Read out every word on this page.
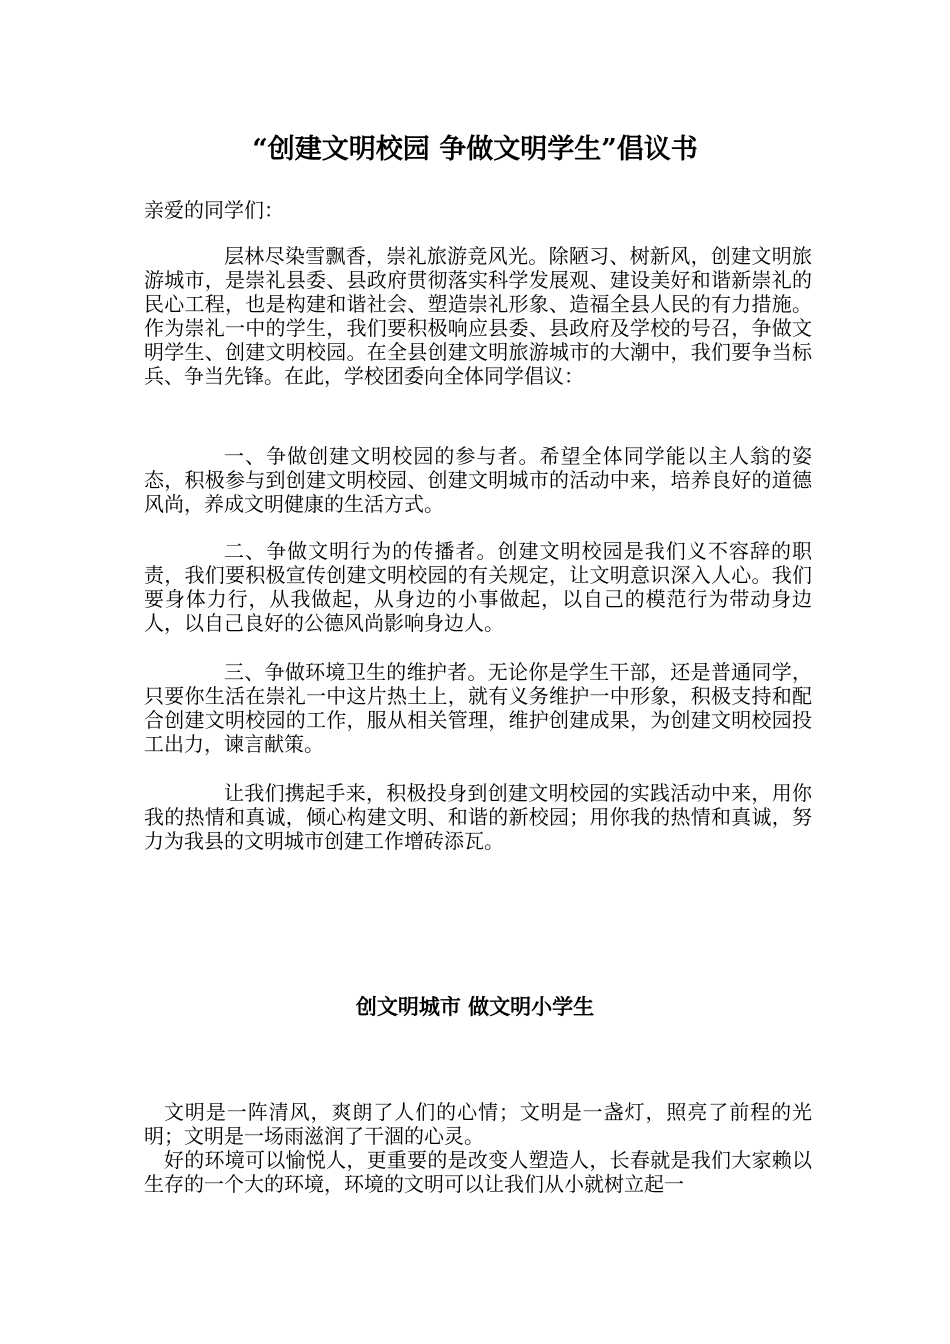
“创建文明校园 争做文明学生”倡议书

亲爱的同学们：

层林尽染雪飘香，崇礼旅游竞风光。除陋习、树新风，创建文明旅游城市，是崇礼县委、县政府贯彻落实科学发展观、建设美好和谐新崇礼的民心工程，也是构建和谐社会、塑造崇礼形象、造福全县人民的有力措施。作为崇礼一中的学生，我们要积极响应县委、县政府及学校的号召，争做文明学生、创建文明校园。在全县创建文明旅游城市的大潮中，我们要争当标兵、争当先锋。在此，学校团委向全体同学倡议：

一、争做创建文明校园的参与者。希望全体同学能以主人翁的姿态，积极参与到创建文明校园、创建文明城市的活动中来，培养良好的道德风尚，养成文明健康的生活方式。

二、争做文明行为的传播者。创建文明校园是我们义不容辞的职责，我们要积极宣传创建文明校园的有关规定，让文明意识深入人心。我们要身体力行，从我做起，从身边的小事做起，以自己的模范行为带动身边人，以自己良好的公德风尚影响身边人。

三、争做环境卫生的维护者。无论你是学生干部，还是普通同学，只要你生活在崇礼一中这片热土上，就有义务维护一中形象，积极支持和配合创建文明校园的工作，服从相关管理，维护创建成果，为创建文明校园投工出力，谏言献策。

让我们携起手来，积极投身到创建文明校园的实践活动中来，用你我的热情和真诚，倾心构建文明、和谐的新校园；用你我的热情和真诚，努力为我县的文明城市创建工作增砖添瓦。

创文明城市 做文明小学生

文明是一阵清风，爽朗了人们的心情；文明是一盏灯，照亮了前程的光明；文明是一场雨滋润了干涸的心灵。

好的环境可以愉悦人，更重要的是改变人塑造人，长春就是我们大家赖以生存的一个大的环境，环境的文明可以让我们从小就树立起一
